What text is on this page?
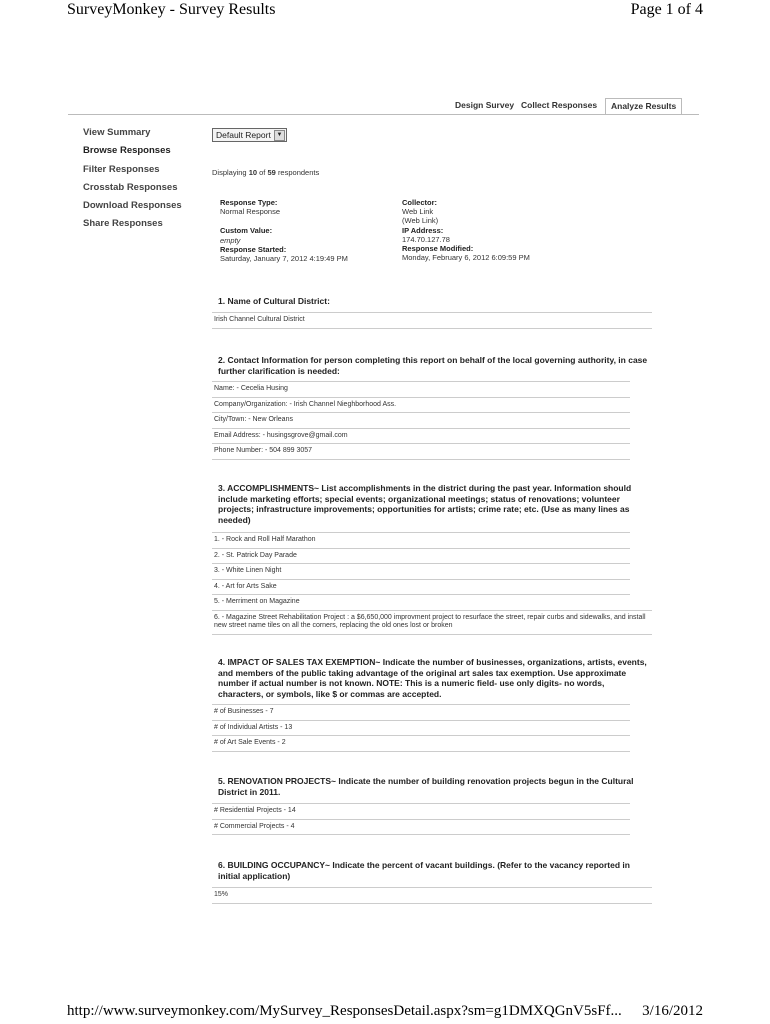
SurveyMonkey - Survey Results	Page 1 of 4
Design Survey Collect Responses	Analyze Results
View Summary
Browse Responses
Filter Responses
Crosstab Responses
Download Responses
Share Responses
Default Report ▼
Displaying 10 of 59 respondents
Response Type:
Normal Response
Custom Value:
empty
Response Started:
Saturday, January 7, 2012 4:19:49 PM
Collector:
Web Link
(Web Link)
IP Address:
174.70.127.78
Response Modified:
Monday, February 6, 2012 6:09:59 PM
1. Name of Cultural District:
Irish Channel Cultural District
2. Contact Information for person completing this report on behalf of the local governing authority, in case further clarification is needed:
Name: - Cecelia Husing
Company/Organization: - Irish Channel Nieghborhood Ass.
City/Town: - New Orleans
Email Address: - husingsgrove@gmail.com
Phone Number: - 504 899 3057
3. ACCOMPLISHMENTS~ List accomplishments in the district during the past year. Information should include marketing efforts; special events; organizational meetings; status of renovations; volunteer projects; infrastructure improvements; opportunities for artists; crime rate; etc. (Use as many lines as needed)
1. - Rock and Roll Half Marathon
2. - St. Patrick Day Parade
3. - White Linen Night
4. - Art for Arts Sake
5. - Merriment on Magazine
6. - Magazine Street Rehabilitation Project : a $6,650,000 improvment project to resurface the street, repair curbs and sidewalks, and install new street name tiles on all the corners, replacing the old ones lost or broken
4. IMPACT OF SALES TAX EXEMPTION~ Indicate the number of businesses, organizations, artists, events, and members of the public taking advantage of the original art sales tax exemption. Use approximate number if actual number is not known. NOTE: This is a numeric field- use only digits- no words, characters, or symbols, like $ or commas are accepted.
# of Businesses - 7
# of Individual Artists - 13
# of Art Sale Events - 2
5. RENOVATION PROJECTS~ Indicate the number of building renovation projects begun in the Cultural District in 2011.
# Residential Projects - 14
# Commercial Projects - 4
6. BUILDING OCCUPANCY~ Indicate the percent of vacant buildings. (Refer to the vacancy reported in initial application)
15%
http://www.surveymonkey.com/MySurvey_ResponsesDetail.aspx?sm=g1DMXQGnV5sFf... 3/16/2012
